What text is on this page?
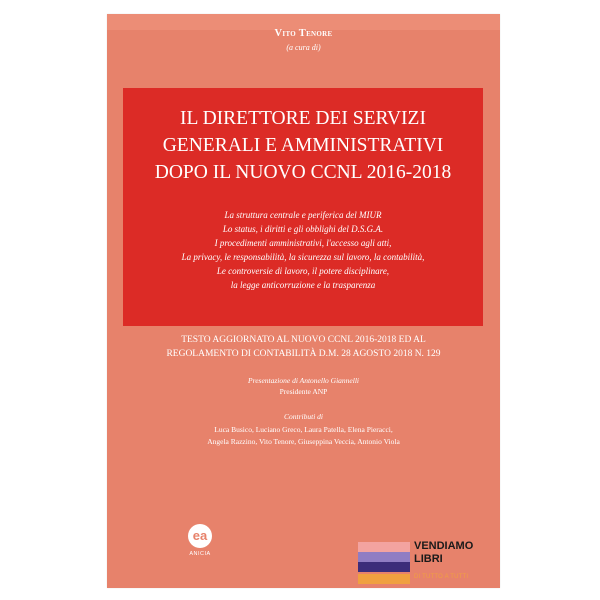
Vito Tenore
(a cura di)
IL DIRETTORE DEI SERVIZI
GENERALI E AMMINISTRATIVI
DOPO IL NUOVO CCNL 2016-2018
La struttura centrale e periferica del MIUR
Lo status, i diritti e gli obblighi del D.S.G.A.
I procedimenti amministrativi, l'accesso agli atti,
La privacy, le responsabilità, la sicurezza sul lavoro, la contabilità,
Le controversie di lavoro, il potere disciplinare,
la legge anticorruzione e la trasparenza
TESTO AGGIORNATO AL NUOVO CCNL 2016-2018 ED AL
REGOLAMENTO DI CONTABILITÀ D.M. 28 AGOSTO 2018 N. 129
Presentazione di Antonello Giannelli
Presidente ANP
Contributi di
Luca Busico, Luciano Greco, Laura Patella, Elena Pieracci,
Angela Razzino, Vito Tenore, Giuseppina Veccia, Antonio Viola
ea
ANICIA
VENDIAMO
LIBRI
DI TUTTO A TUTTI
